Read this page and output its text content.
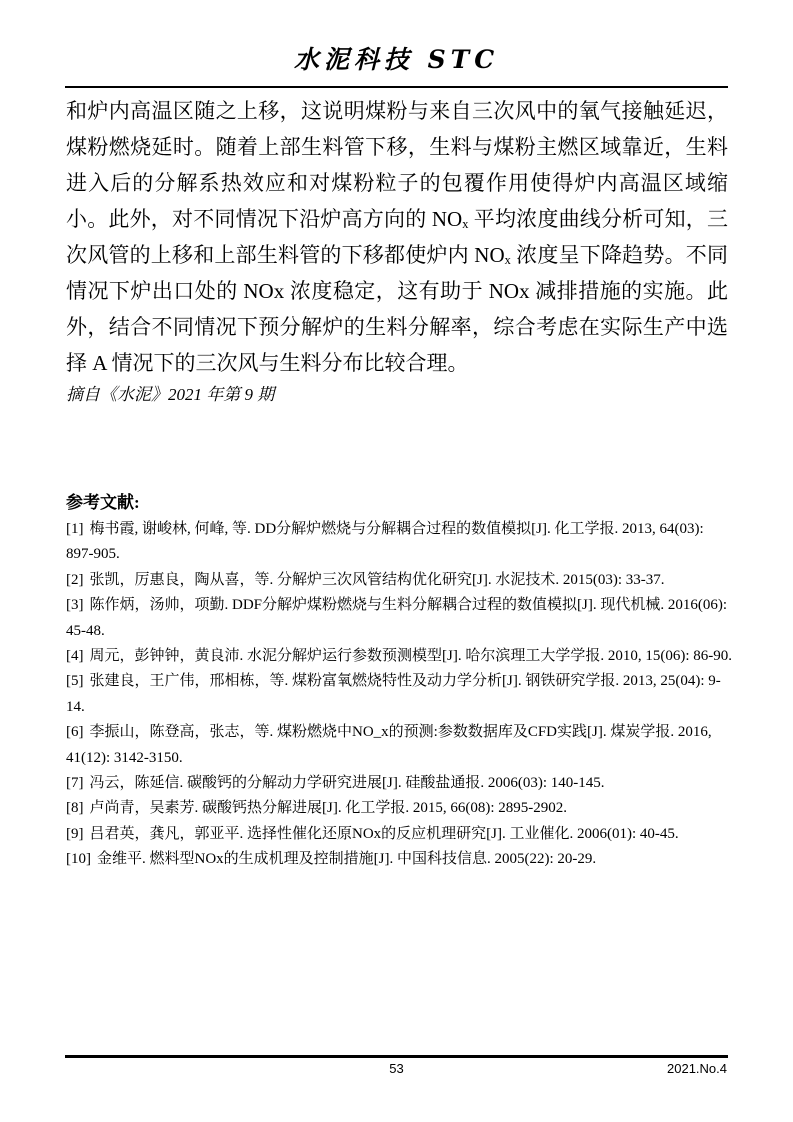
水泥科技 STC
和炉内高温区随之上移，这说明煤粉与来自三次风中的氧气接触延迟，煤粉燃烧延时。随着上部生料管下移，生料与煤粉主燃区域靠近，生料进入后的分解系热效应和对煤粉粒子的包覆作用使得炉内高温区域缩小。此外，对不同情况下沿炉高方向的 NOₓ 平均浓度曲线分析可知，三次风管的上移和上部生料管的下移都使炉内 NOₓ 浓度呈下降趋势。不同情况下炉出口处的 NOx 浓度稳定，这有助于 NOx 减排措施的实施。此外，结合不同情况下预分解炉的生料分解率，综合考虑在实际生产中选择 A 情况下的三次风与生料分布比较合理。
摘自《水泥》2021 年第 9 期
参考文献:

[1] 梅书霞, 谢峻林, 何峰, 等. DD分解炉燃烧与分解耦合过程的数值模拟[J]. 化工学报. 2013, 64(03): 897-905.

[2] 张凯，厉惠良，陶从喜，等. 分解炉三次风管结构优化研究[J]. 水泥技术. 2015(03): 33-37.

[3] 陈作炳，汤帅，项勤. DDF分解炉煤粉燃烧与生料分解耦合过程的数值模拟[J]. 现代机械. 2016(06): 45-48.

[4] 周元，彭钟钟，黄良沛. 水泥分解炉运行参数预测模型[J]. 哈尔滨理工大学学报. 2010, 15(06): 86-90.

[5] 张建良，王广伟，邢相栋，等. 煤粉富氧燃烧特性及动力学分析[J]. 钢铁研究学报. 2013, 25(04): 9-14.

[6] 李振山，陈登高，张志，等. 煤粉燃烧中NO_x的预测:参数数据库及CFD实践[J]. 煤炭学报. 2016, 41(12): 3142-3150.

[7] 冯云，陈延信. 碳酸钙的分解动力学研究进展[J]. 硅酸盐通报. 2006(03): 140-145.

[8] 卢尚青，吴素芳. 碳酸钙热分解进展[J]. 化工学报. 2015, 66(08): 2895-2902.

[9] 吕君英，龚凡，郭亚平. 选择性催化还原NOx的反应机理研究[J]. 工业催化. 2006(01): 40-45.

[10] 金维平. 燃料型NOx的生成机理及控制措施[J]. 中国科技信息. 2005(22): 20-29.

53	2021.No.4
